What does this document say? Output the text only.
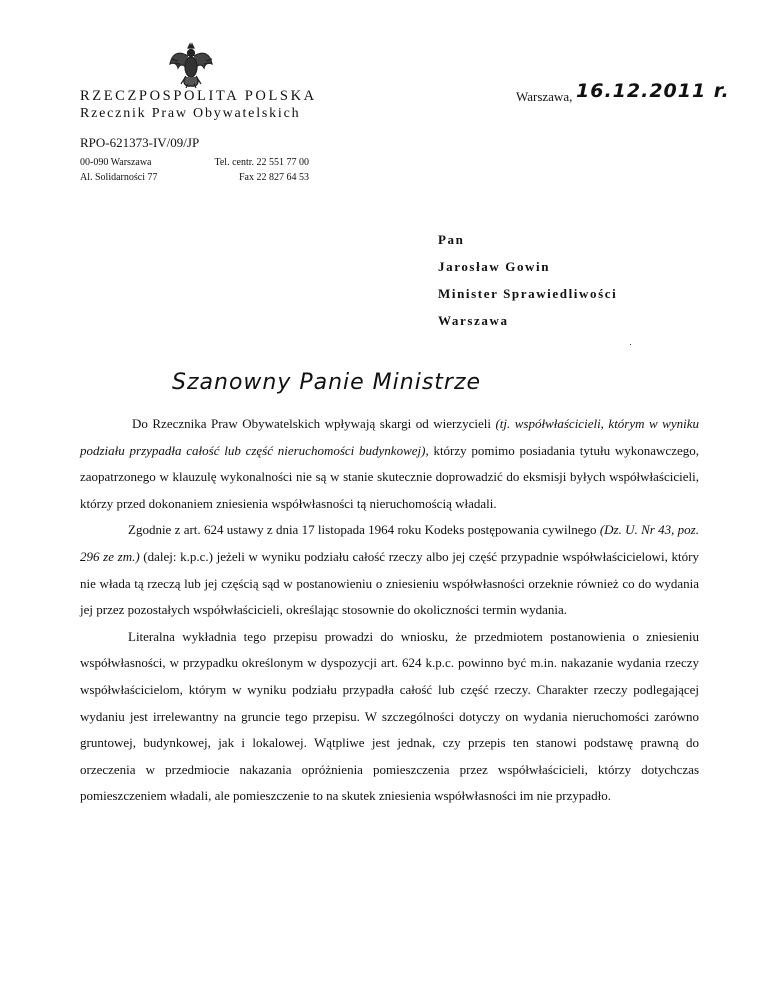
RZECZPOSPOLITA POLSKA
Rzecznik Praw Obywatelskich
RPO-621373-IV/09/JP
00-090 Warszawa
Al. Solidarności 77
Tel. centr. 22 551 77 00
Fax 22 827 64 53
Warszawa, 16.12.2011 r.
Pan
Jarosław Gowin
Minister Sprawiedliwości
Warszawa
Szanowny Panie Ministrze

Do Rzecznika Praw Obywatelskich wpływają skargi od wierzycieli (tj. współwłaścicieli, którym w wyniku podziału przypadła całość lub część nieruchomości budynkowej), którzy pomimo posiadania tytułu wykonawczego, zaopatrzonego w klauzulę wykonalności nie są w stanie skutecznie doprowadzić do eksmisji byłych współwłaścicieli, którzy przed dokonaniem zniesienia współwłasności tą nieruchomością władali.

Zgodnie z art. 624 ustawy z dnia 17 listopada 1964 roku Kodeks postępowania cywilnego (Dz. U. Nr 43, poz. 296 ze zm.) (dalej: k.p.c.) jeżeli w wyniku podziału całość rzeczy albo jej część przypadnie współwłaścicielowi, który nie włada tą rzeczą lub jej częścią sąd w postanowieniu o zniesieniu współwłasności orzeknie również co do wydania jej przez pozostałych współwłaścicieli, określając stosownie do okoliczności termin wydania.

Literalna wykładnia tego przepisu prowadzi do wniosku, że przedmiotem postanowienia o zniesieniu współwłasności, w przypadku określonym w dyspozycji art. 624 k.p.c. powinno być m.in. nakazanie wydania rzeczy współwłaścicielom, którym w wyniku podziału przypadła całość lub część rzeczy. Charakter rzeczy podlegającej wydaniu jest irrelewantny na gruncie tego przepisu. W szczególności dotyczy on wydania nieruchomości zarówno gruntowej, budynkowej, jak i lokalowej. Wątpliwe jest jednak, czy przepis ten stanowi podstawę prawną do orzeczenia w przedmiocie nakazania opróżnienia pomieszczenia przez współwłaścicieli, którzy dotychczas pomieszczeniem władali, ale pomieszczenie to na skutek zniesienia współwłasności im nie przypadło.
